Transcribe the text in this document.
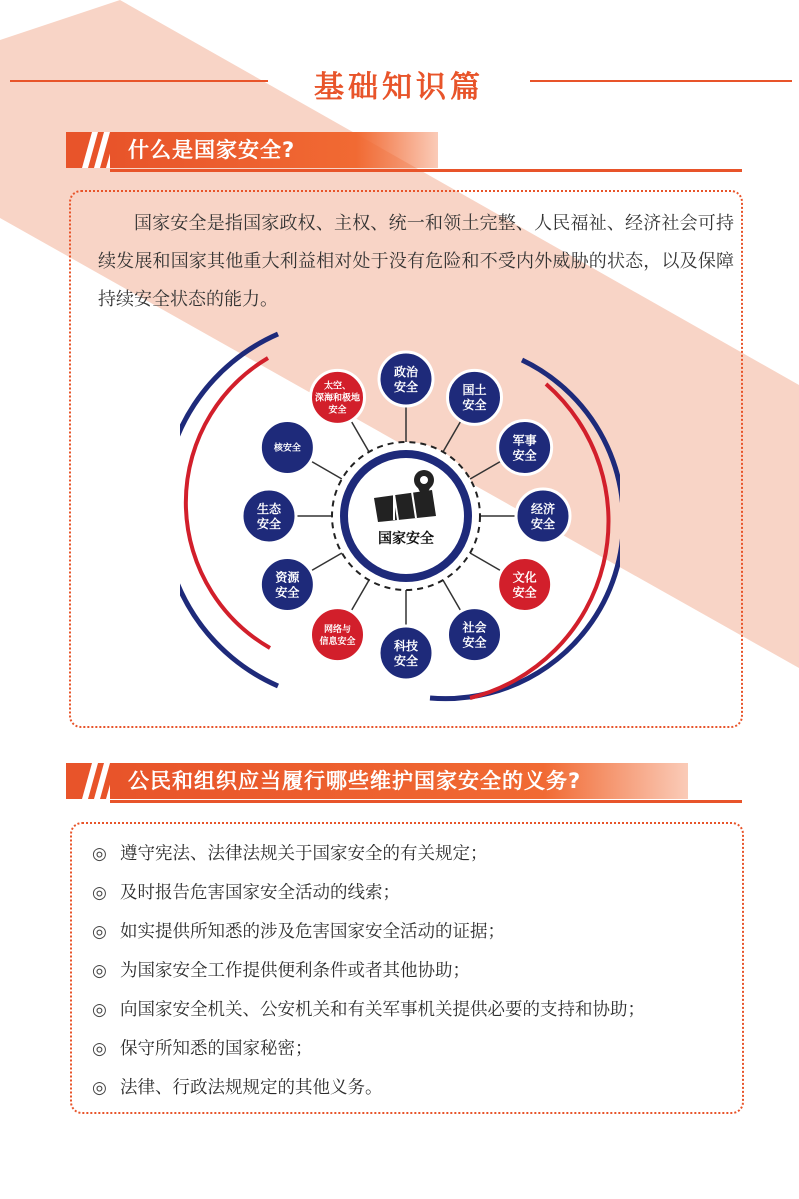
基础知识篇
什么是国家安全?

国家安全是指国家政权、主权、统一和领土完整、人民福祉、经济社会可持续发展和国家其他重大利益相对处于没有危险和不受内外威胁的状态，以及保障持续安全状态的能力。

国家安全
政治
安全	国土
安全
军事
安全
经济
安全
文化
安全
社会
安全
科技
安全
网络与
信息安全
资源
安全
生态
安全
核安全
太空、
深海和极地
安全
公民和组织应当履行哪些维护国家安全的义务?
◎ 遵守宪法、法律法规关于国家安全的有关规定；
◎ 及时报告危害国家安全活动的线索；
◎ 如实提供所知悉的涉及危害国家安全活动的证据；
◎ 为国家安全工作提供便利条件或者其他协助；
◎ 向国家安全机关、公安机关和有关军事机关提供必要的支持和协助；
◎ 保守所知悉的国家秘密；
◎ 法律、行政法规规定的其他义务。
